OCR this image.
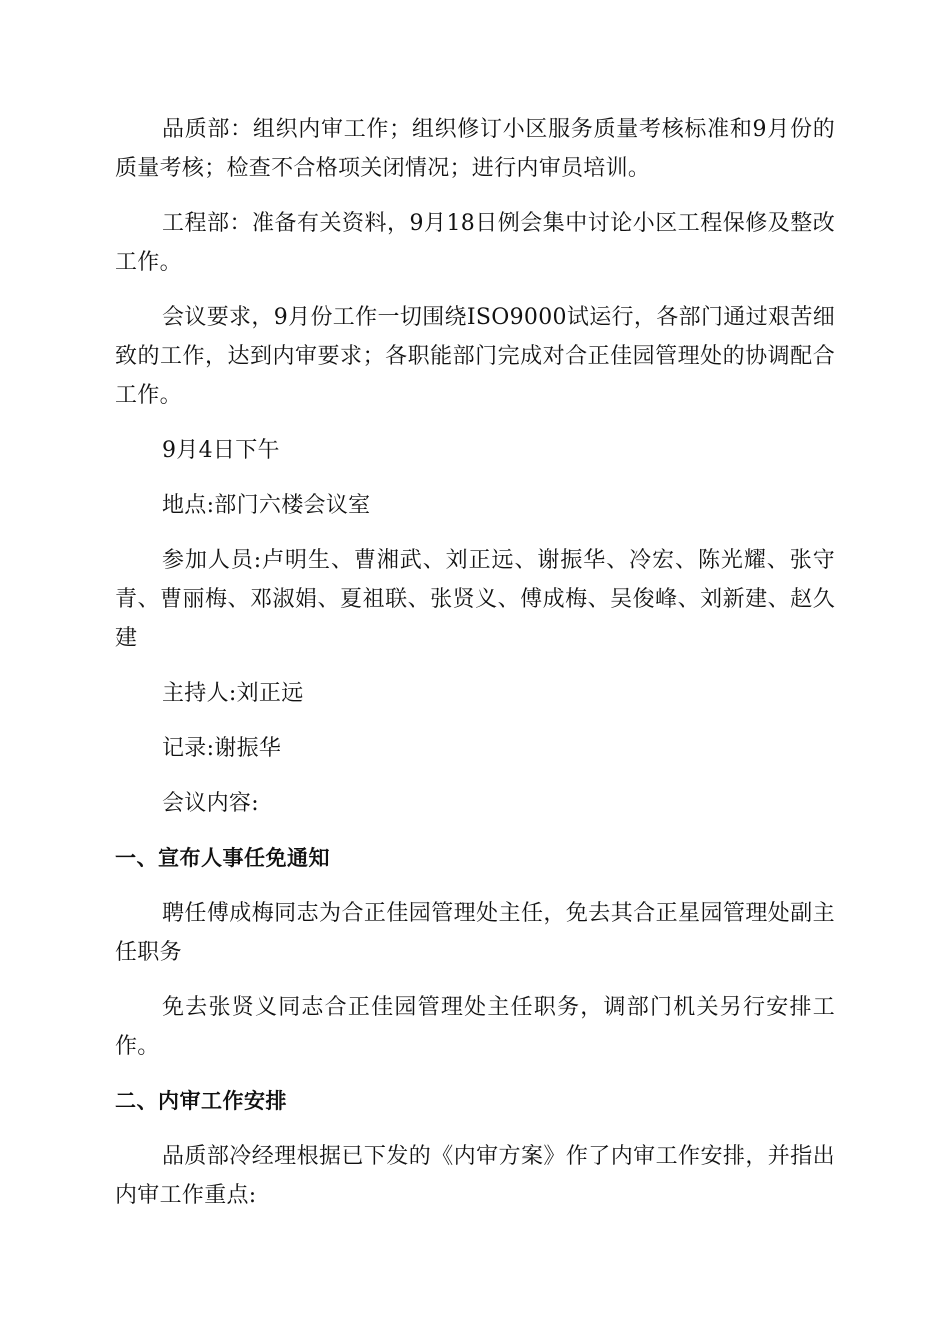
品质部：组织内审工作；组织修订小区服务质量考核标准和9月份的质量考核；检查不合格项关闭情况；进行内审员培训。

工程部：准备有关资料，9月18日例会集中讨论小区工程保修及整改工作。

会议要求，9月份工作一切围绕ISO9000试运行，各部门通过艰苦细致的工作，达到内审要求；各职能部门完成对合正佳园管理处的协调配合工作。

9月4日下午

地点:部门六楼会议室

参加人员:卢明生、曹湘武、刘正远、谢振华、冷宏、陈光耀、张守青、曹丽梅、邓淑娟、夏祖联、张贤义、傅成梅、吴俊峰、刘新建、赵久建

主持人:刘正远

记录:谢振华

会议内容:

一、宣布人事任免通知

聘任傅成梅同志为合正佳园管理处主任，免去其合正星园管理处副主任职务

免去张贤义同志合正佳园管理处主任职务，调部门机关另行安排工作。

二、内审工作安排

品质部冷经理根据已下发的《内审方案》作了内审工作安排，并指出内审工作重点:
